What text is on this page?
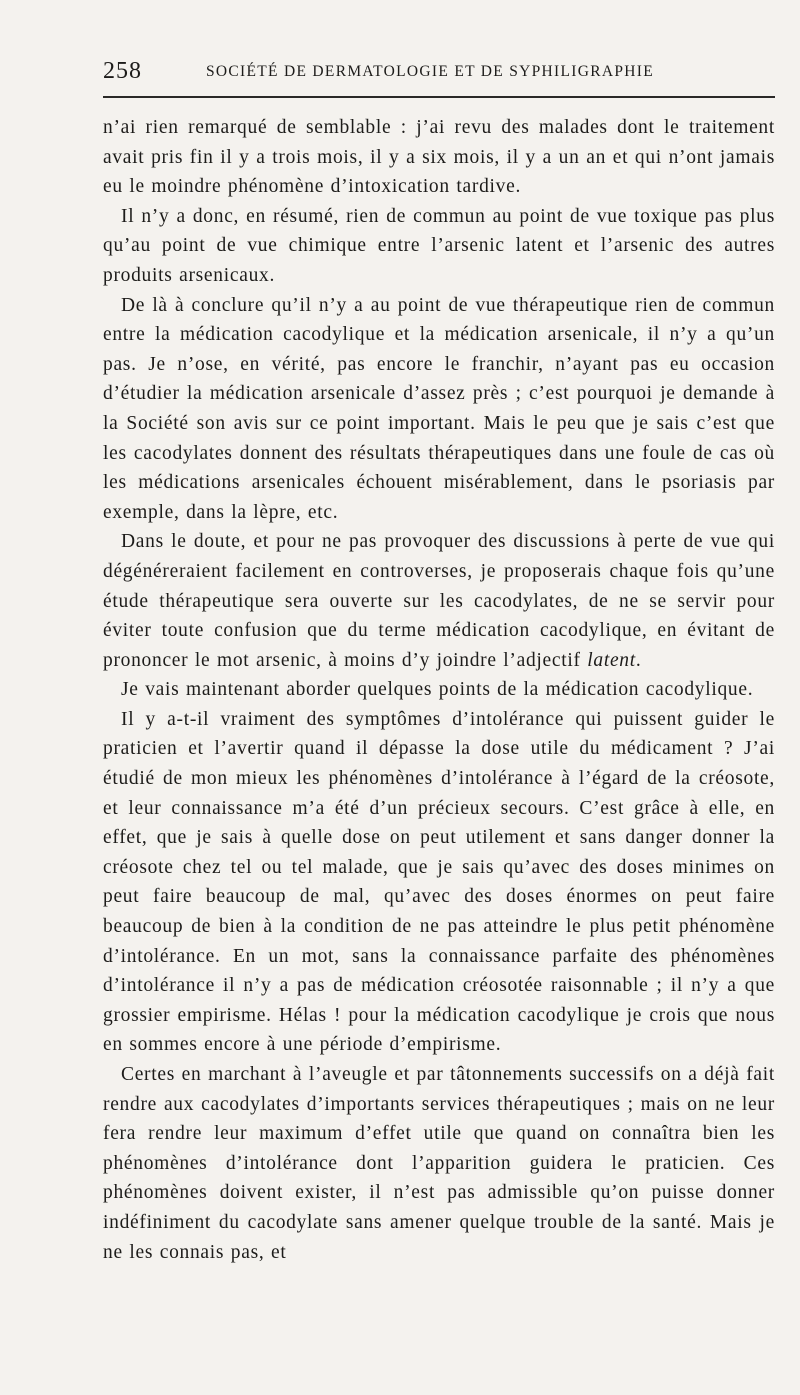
258	SOCIÉTÉ DE DERMATOLOGIE ET DE SYPHILIGRAPHIE

n’ai rien remarqué de semblable : j’ai revu des malades dont le traitement avait pris fin il y a trois mois, il y a six mois, il y a un an et qui n’ont jamais eu le moindre phénomène d’intoxication tardive.

Il n’y a donc, en résumé, rien de commun au point de vue toxique pas plus qu’au point de vue chimique entre l’arsenic latent et l’arsenic des autres produits arsenicaux.

De là à conclure qu’il n’y a au point de vue thérapeutique rien de commun entre la médication cacodylique et la médication arsenicale, il n’y a qu’un pas. Je n’ose, en vérité, pas encore le franchir, n’ayant pas eu occasion d’étudier la médication arsenicale d’assez près ; c’est pourquoi je demande à la Société son avis sur ce point important. Mais le peu que je sais c’est que les cacodylates donnent des résultats thérapeutiques dans une foule de cas où les médications arsenicales échouent misérablement, dans le psoriasis par exemple, dans la lèpre, etc.

Dans le doute, et pour ne pas provoquer des discussions à perte de vue qui dégénéreraient facilement en controverses, je proposerais chaque fois qu’une étude thérapeutique sera ouverte sur les cacodylates, de ne se servir pour éviter toute confusion que du terme médication cacodylique, en évitant de prononcer le mot arsenic, à moins d’y joindre l’adjectif latent.

Je vais maintenant aborder quelques points de la médication cacodylique.

Il y a-t-il vraiment des symptômes d’intolérance qui puissent guider le praticien et l’avertir quand il dépasse la dose utile du médicament ? J’ai étudié de mon mieux les phénomènes d’intolérance à l’égard de la créosote, et leur connaissance m’a été d’un précieux secours. C’est grâce à elle, en effet, que je sais à quelle dose on peut utilement et sans danger donner la créosote chez tel ou tel malade, que je sais qu’avec des doses minimes on peut faire beaucoup de mal, qu’avec des doses énormes on peut faire beaucoup de bien à la condition de ne pas atteindre le plus petit phénomène d’intolérance. En un mot, sans la connaissance parfaite des phénomènes d’intolérance il n’y a pas de médication créosotée raisonnable ; il n’y a que grossier empirisme. Hélas ! pour la médication cacodylique je crois que nous en sommes encore à une période d’empirisme.

Certes en marchant à l’aveugle et par tâtonnements successifs on a déjà fait rendre aux cacodylates d’importants services thérapeutiques ; mais on ne leur fera rendre leur maximum d’effet utile que quand on connaîtra bien les phénomènes d’intolérance dont l’apparition guidera le praticien. Ces phénomènes doivent exister, il n’est pas admissible qu’on puisse donner indéfiniment du cacodylate sans amener quelque trouble de la santé. Mais je ne les connais pas, et
